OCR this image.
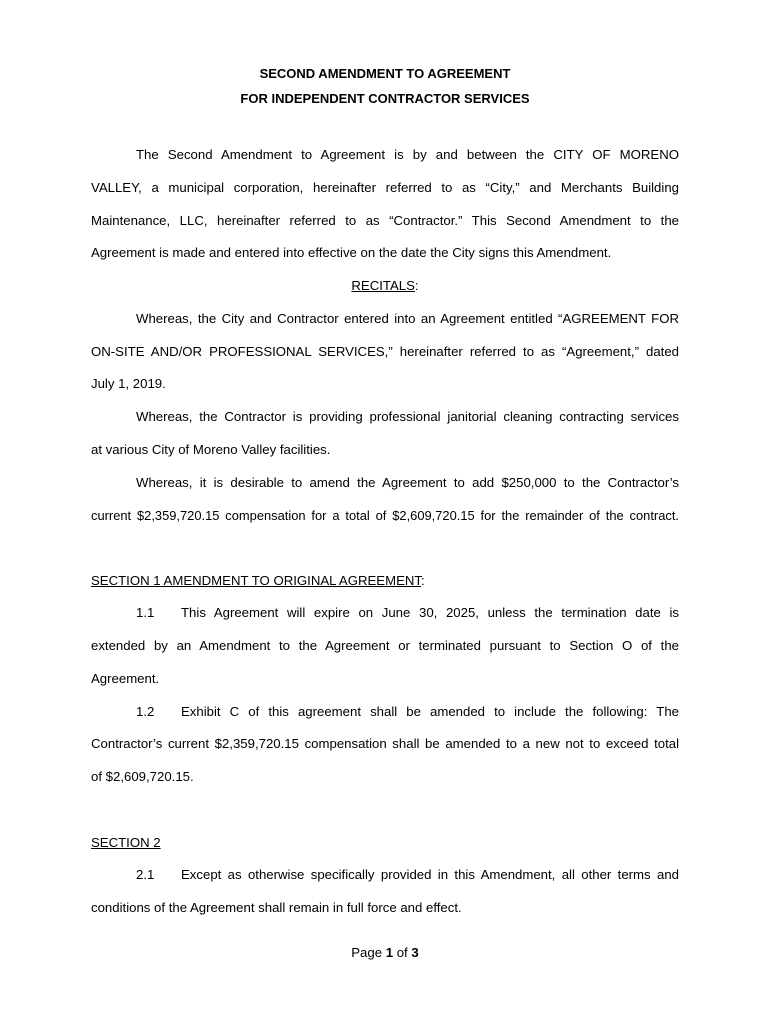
SECOND AMENDMENT TO AGREEMENT
FOR INDEPENDENT CONTRACTOR SERVICES
The Second Amendment to Agreement is by and between the CITY OF MORENO
VALLEY, a municipal corporation, hereinafter referred to as “City,” and Merchants Building
Maintenance, LLC, hereinafter referred to as “Contractor.” This Second Amendment to the
Agreement is made and entered into effective on the date the City signs this Amendment.
RECITALS:
Whereas, the City and Contractor entered into an Agreement entitled “AGREEMENT FOR
ON-SITE AND/OR PROFESSIONAL SERVICES,” hereinafter referred to as “Agreement,” dated
July 1, 2019.
Whereas, the Contractor is providing professional janitorial cleaning contracting services
at various City of Moreno Valley facilities.
Whereas, it is desirable to amend the Agreement to add $250,000 to the Contractor’s
current $2,359,720.15 compensation for a total of $2,609,720.15 for the remainder of the contract.
SECTION 1 AMENDMENT TO ORIGINAL AGREEMENT:
1.1	This Agreement will expire on June 30, 2025, unless the termination date is
extended by an Amendment to the Agreement or terminated pursuant to Section O of the
Agreement.
1.2	Exhibit C of this agreement shall be amended to include the following: The
Contractor’s current $2,359,720.15 compensation shall be amended to a new not to exceed total
of $2,609,720.15.
SECTION 2
2.1	Except as otherwise specifically provided in this Amendment, all other terms and
conditions of the Agreement shall remain in full force and effect.
Page 1 of 3
